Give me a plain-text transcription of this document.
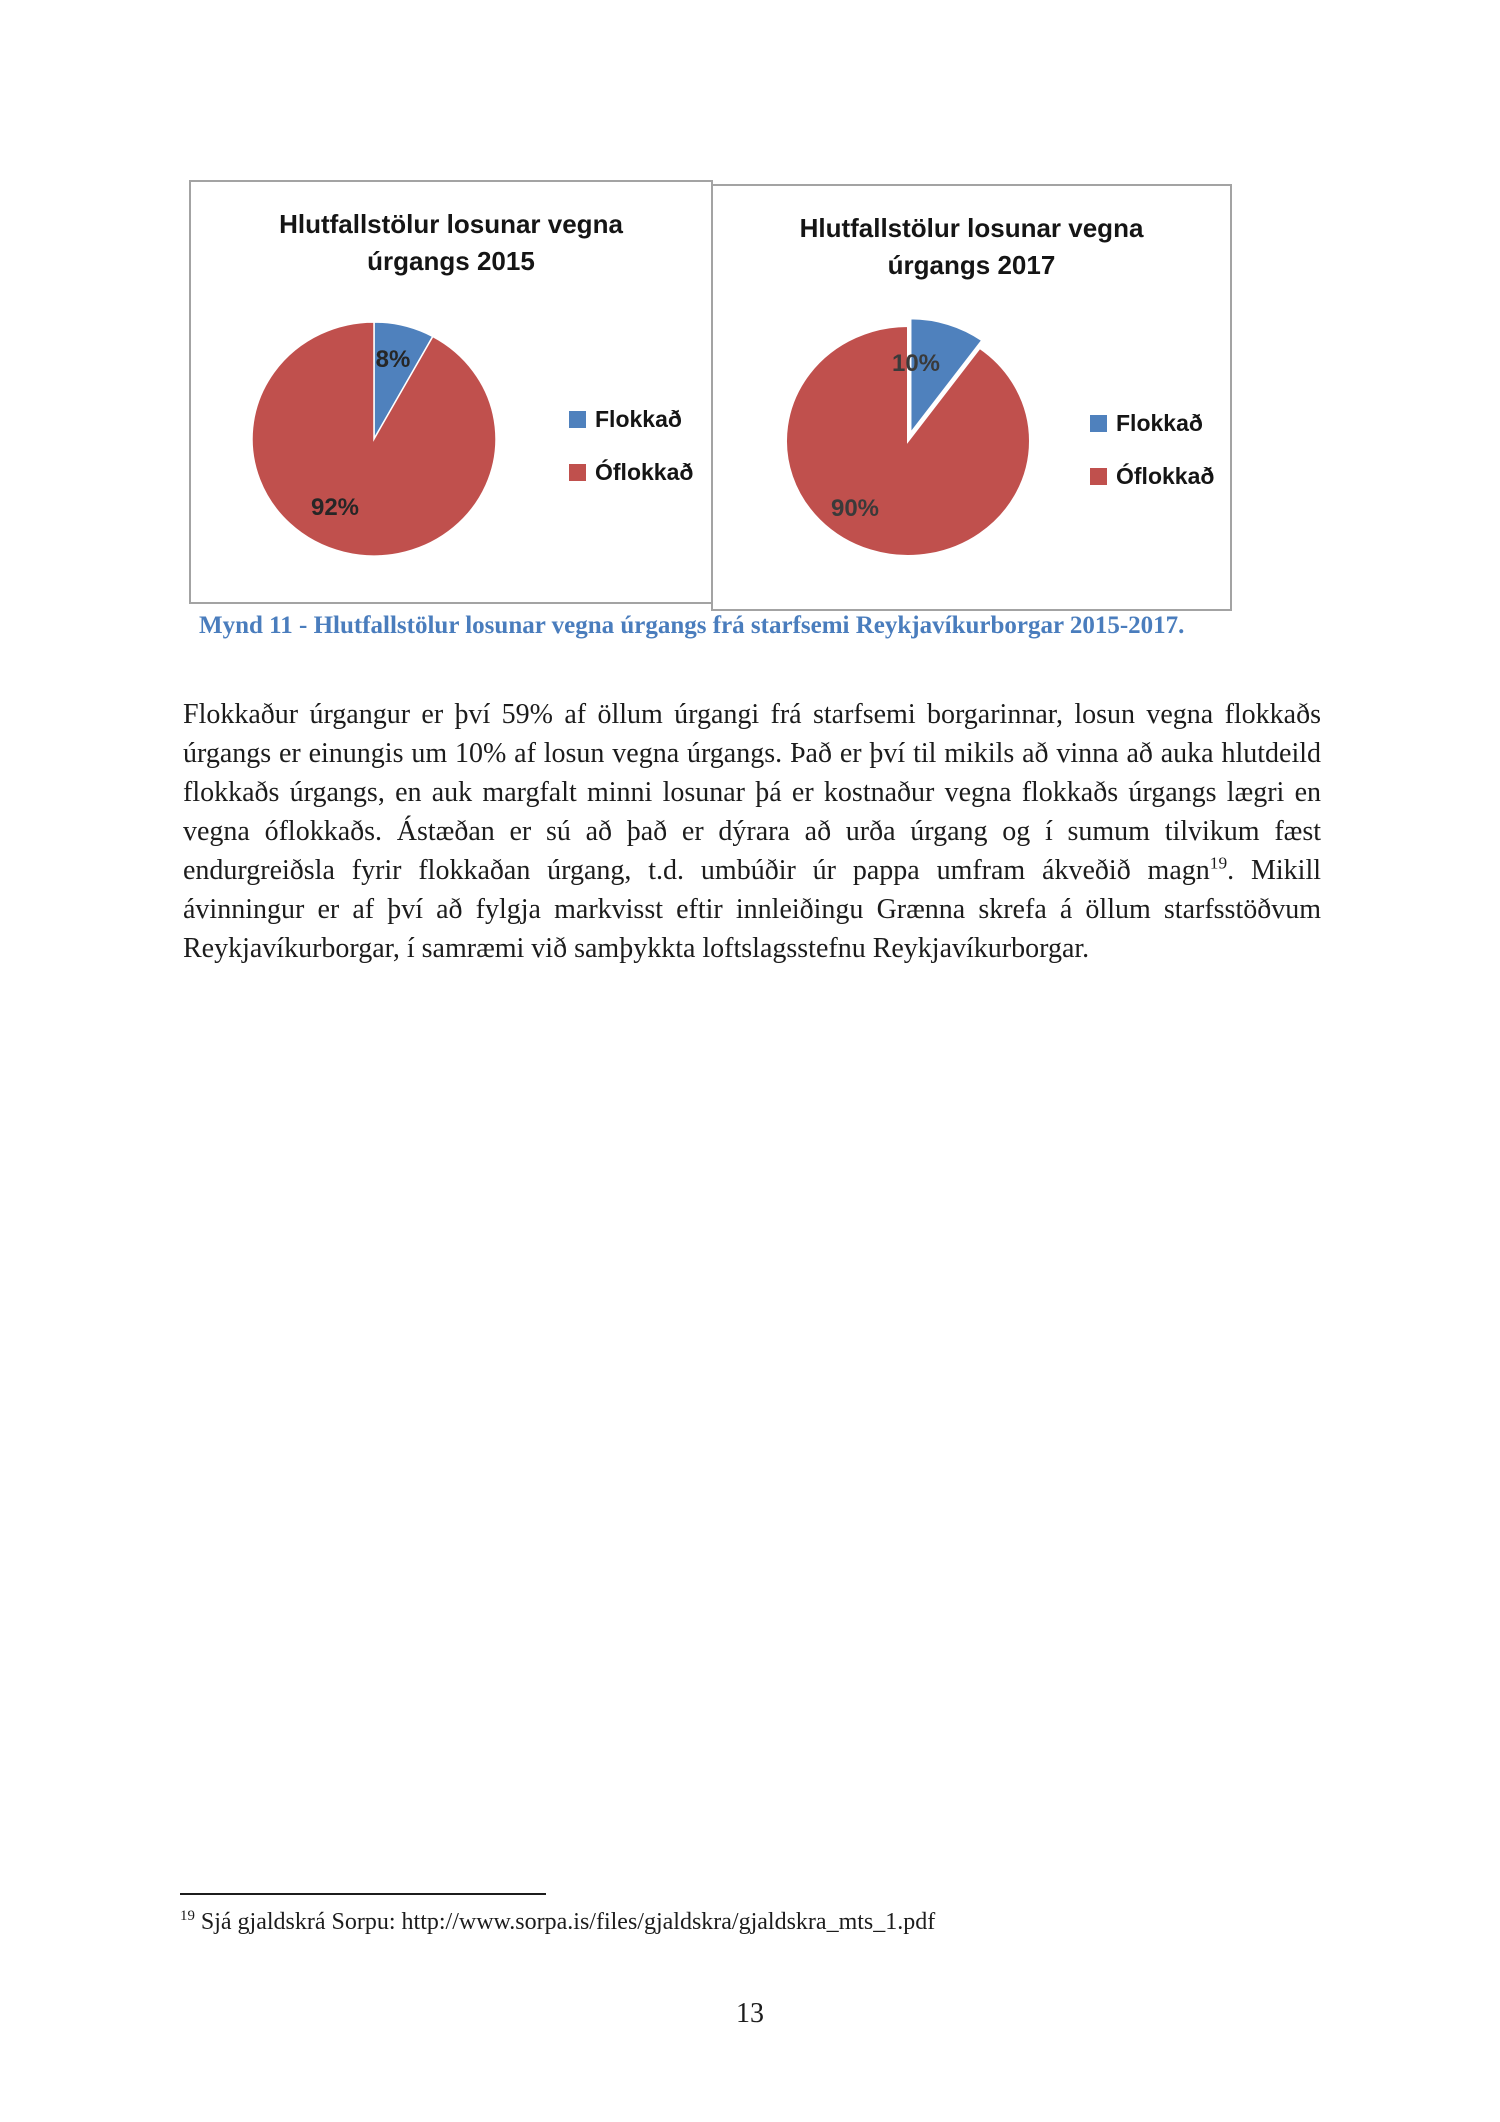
Hlutfallstölur losunar vegna
úrgangs 2015
8%
92%
Flokkað
Óflokkað
Hlutfallstölur losunar vegna
úrgangs 2017
10%
90%
Flokkað
Óflokkað
Mynd 11 - Hlutfallstölur losunar vegna úrgangs frá starfsemi Reykjavíkurborgar 2015-2017.
Flokkaður úrgangur er því 59% af öllum úrgangi frá starfsemi borgarinnar, losun vegna flokkaðs úrgangs er einungis um 10% af losun vegna úrgangs. Það er því til mikils að vinna að auka hlutdeild flokkaðs úrgangs, en auk margfalt minni losunar þá er kostnaður vegna flokkaðs úrgangs lægri en vegna óflokkaðs. Ástæðan er sú að það er dýrara að urða úrgang og í sumum tilvikum fæst endurgreiðsla fyrir flokkaðan úrgang, t.d. umbúðir úr pappa umfram ákveðið magn$^{19}$. Mikill ávinningur er af því að fylgja markvisst eftir innleiðingu Grænna skrefa á öllum starfsstöðvum Reykjavíkurborgar, í samræmi við samþykkta loftslagsstefnu Reykjavíkurborgar.
$^{19}$ Sjá gjaldskrá Sorpu: http://www.sorpa.is/files/gjaldskra/gjaldskra_mts_1.pdf
13
